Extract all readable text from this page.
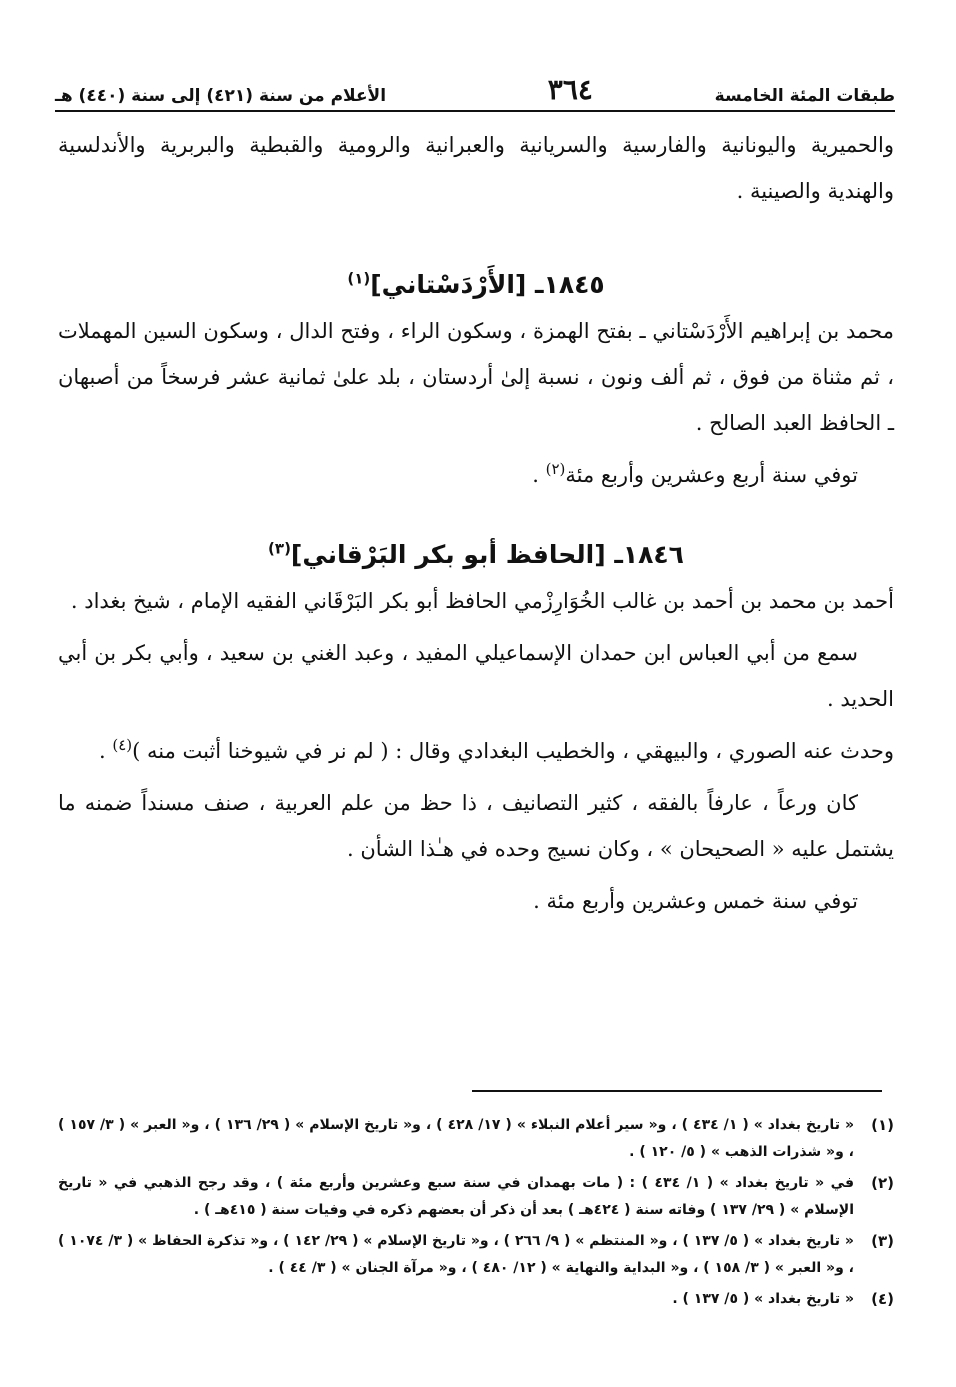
طبقات المئة الخامسة
٣٦٤
الأعلام من سنة (٤٢١) إلى سنة (٤٤٠) هـ

والحميرية واليونانية والفارسية والسريانية والعبرانية والرومية والقبطية والبربرية والأندلسية والهندية والصينية .

١٨٤٥ـ [الأَرْدَسْتاني]$^{(١)}$

محمد بن إبراهيم الأَرْدَسْتاني ـ بفتح الهمزة ، وسكون الراء ، وفتح الدال ، وسكون السين المهملات ، ثم مثناة من فوق ، ثم ألف ونون ، نسبة إلىٰ أردستان ، بلد علىٰ ثمانية عشر فرسخاً من أصبهان ـ الحافظ العبد الصالح .

توفي سنة أربع وعشرين وأربع مئة$^{(٢)}$ .

١٨٤٦ـ [الحافظ أبو بكر البَرْقاني]$^{(٣)}$

أحمد بن محمد بن أحمد بن غالب الخُوَارِزْمي الحافظ أبو بكر البَرْقَاني الفقيه الإمام ، شيخ بغداد .

سمع من أبي العباس ابن حمدان الإسماعيلي المفيد ، وعبد الغني بن سعيد ، وأبي بكر بن أبي الحديد .

وحدث عنه الصوري ، والبيهقي ، والخطيب البغدادي وقال : ( لم نر في شيوخنا أثبت منه )$^{(٤)}$ .

كان ورعاً ، عارفاً بالفقه ، كثير التصانيف ، ذا حظ من علم العربية ، صنف مسنداً ضمنه ما يشتمل عليه « الصحيحان » ، وكان نسيج وحده في هـٰذا الشأن .

توفي سنة خمس وعشرين وأربع مئة .

(١)
« تاريخ بغداد » ( ١/ ٤٣٤ ) ، و« سير أعلام النبلاء » ( ١٧/ ٤٢٨ ) ، و« تاريخ الإسلام » ( ٢٩/ ١٣٦ ) ، و« العبر » ( ٣/ ١٥٧ ) ، و« شذرات الذهب » ( ٥/ ١٢٠ ) .
(٢)
في « تاريخ بغداد » ( ١/ ٤٣٤ ) : ( مات بهمدان في سنة سبع وعشرين وأربع مئة ) ، وقد رجح الذهبي في « تاريخ الإسلام » ( ٢٩/ ١٣٧ ) وفاته سنة ( ٤٢٤هـ ) بعد أن ذكر أن بعضهم ذكره في وفيات سنة ( ٤١٥هـ ) .
(٣)
« تاريخ بغداد » ( ٥/ ١٣٧ ) ، و« المنتظم » ( ٩/ ٢٦٦ ) ، و« تاريخ الإسلام » ( ٢٩/ ١٤٢ ) ، و« تذكرة الحفاظ » ( ٣/ ١٠٧٤ ) ، و« العبر » ( ٣/ ١٥٨ ) ، و« البداية والنهاية » ( ١٢/ ٤٨٠ ) ، و« مرآة الجنان » ( ٣/ ٤٤ ) .
(٤)
« تاريخ بغداد » ( ٥/ ١٣٧ ) .
